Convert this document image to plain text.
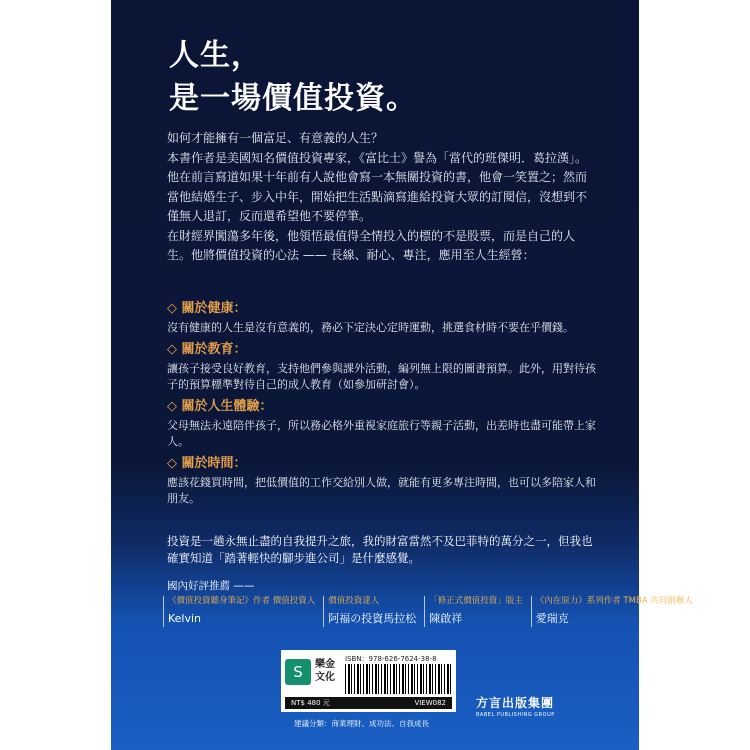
人生，
是一場價值投資。

如何才能擁有一個富足、有意義的人生？

本書作者是美國知名價值投資專家，《富比士》譽為「當代的班傑明．葛拉漢」。

他在前言寫道如果十年前有人說他會寫一本無關投資的書，他會一笑置之；然而當他結婚生子、步入中年，開始把生活點滴寫進給投資大眾的訂閱信，沒想到不僅無人退訂，反而還希望他不要停筆。

在財經界闖蕩多年後，他領悟最值得全情投入的標的不是股票，而是自己的人生。他將價值投資的心法 —— 長線、耐心、專注，應用至人生經營：

◇ 關於健康：

沒有健康的人生是沒有意義的，務必下定決心定時運動，挑選食材時不要在乎價錢。

◇ 關於教育：

讓孩子接受良好教育，支持他們參與課外活動，編列無上限的圖書預算。此外，用對待孩子的預算標準對待自己的成人教育（如參加研討會）。

◇ 關於人生體驗：

父母無法永遠陪伴孩子，所以務必格外重視家庭旅行等親子活動，出差時也盡可能帶上家人。

◇ 關於時間：

應該花錢買時間，把低價值的工作交給別人做，就能有更多專注時間，也可以多陪家人和朋友。

投資是一趟永無止盡的自我提升之旅，我的財富當然不及巴菲特的萬分之一，但我也確實知道「踏著輕快的腳步進公司」是什麼感覺。
國內好評推薦 ——
《價值投資聽身筆記》作者 價值投資人
Kelvin
價值投資達人
阿福の投資馬拉松
「修正式價值投資」版主
陳啟祥
《內在原力》系列作者 TMBA 共同創辦人
愛瑞克
S	樂金
文化
ISBN：978-626-7624-38-8
NT$ 480 元	VIEW082
建議分類：商業理財、成功法、自我成長
方言出版集團
BABEL PUBLISHING GROUP
